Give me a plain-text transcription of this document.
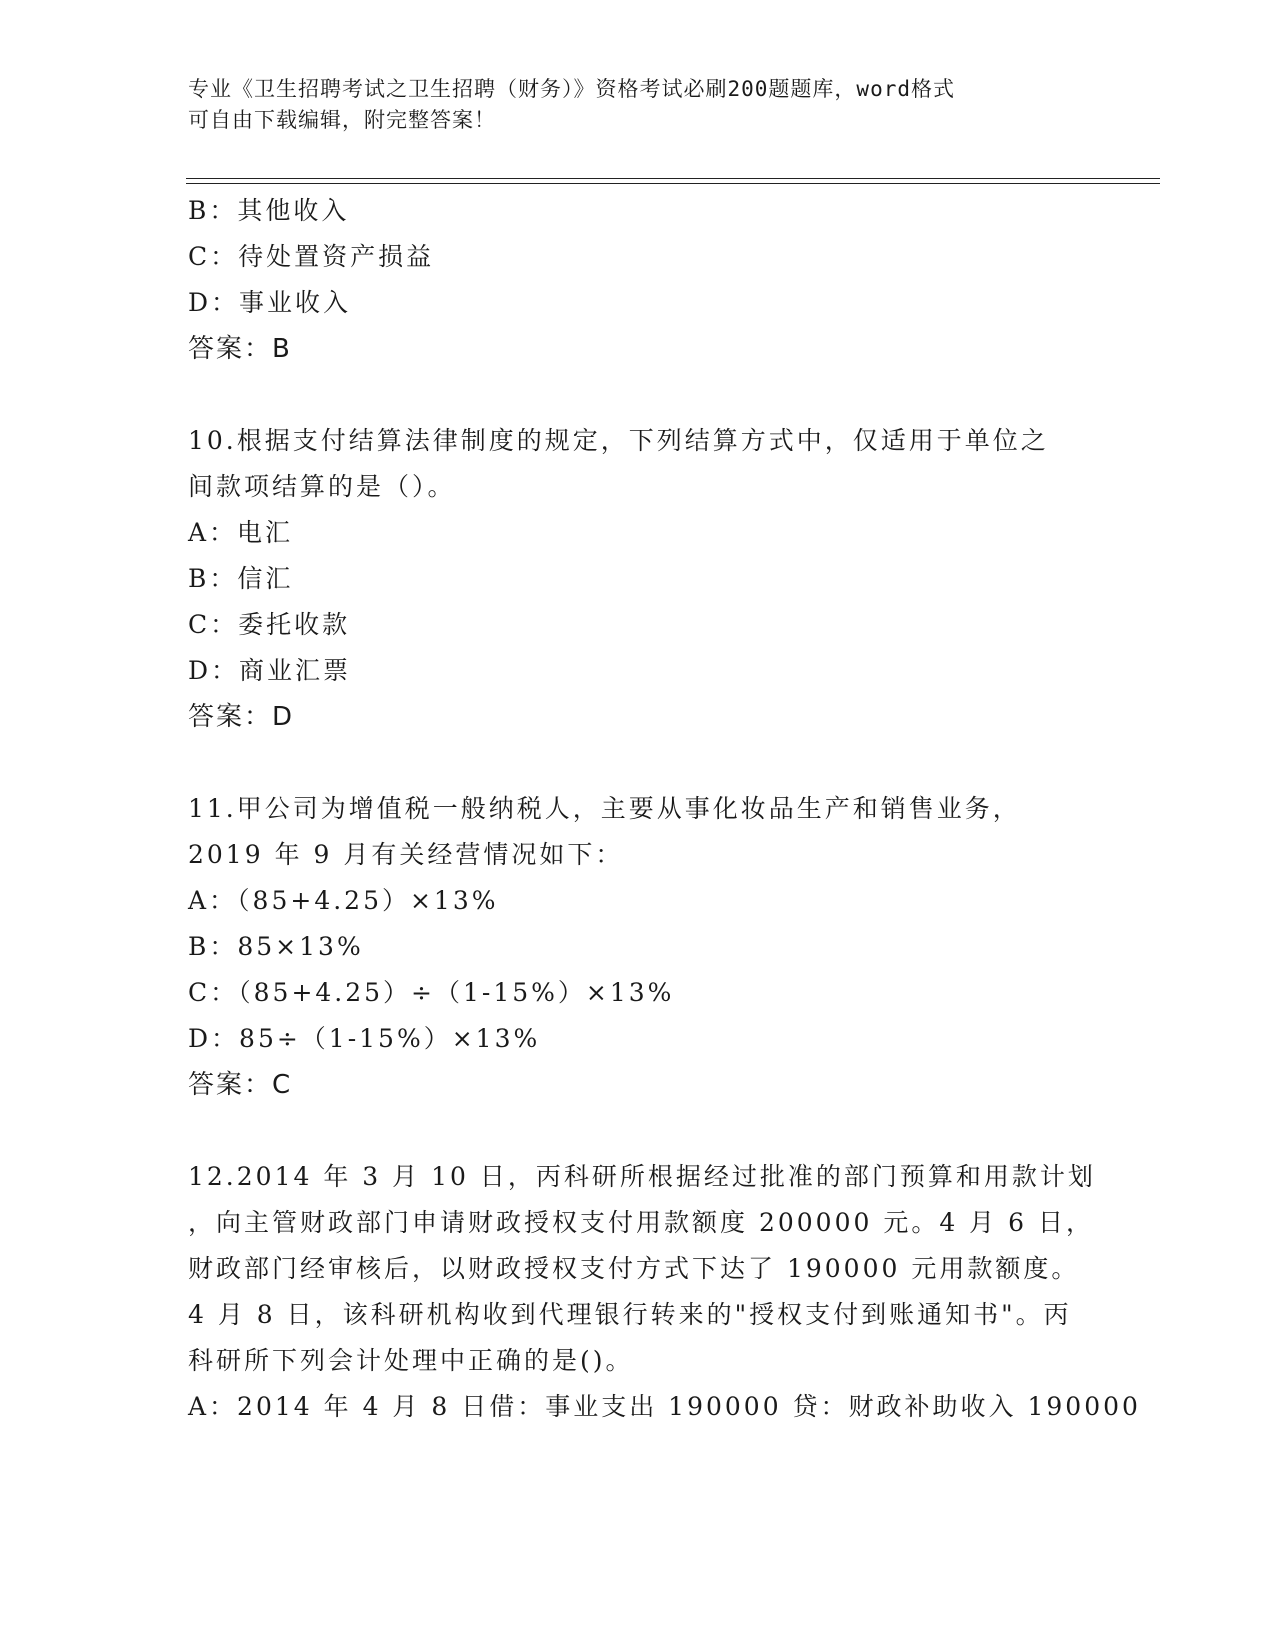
专业《卫生招聘考试之卫生招聘（财务）》资格考试必刷200题题库，word格式
可自由下载编辑，附完整答案！
B：其他收入
C：待处置资产损益
D：事业收入
答案：B
10.根据支付结算法律制度的规定，下列结算方式中，仅适用于单位之
间款项结算的是（）。
A：电汇
B：信汇
C：委托收款
D：商业汇票
答案：D
11.甲公司为增值税一般纳税人，主要从事化妆品生产和销售业务，
2019 年 9 月有关经营情况如下：
A：（85+4.25）×13%
B：85×13%
C：（85+4.25）÷（1-15%）×13%
D：85÷（1-15%）×13%
答案：C
12.2014 年 3 月 10 日，丙科研所根据经过批准的部门预算和用款计划
，向主管财政部门申请财政授权支付用款额度 200000 元。4 月 6 日，
财政部门经审核后，以财政授权支付方式下达了 190000 元用款额度。
4 月 8 日，该科研机构收到代理银行转来的"授权支付到账通知书"。丙
科研所下列会计处理中正确的是()。
A：2014 年 4 月 8 日借：事业支出 190000 贷：财政补助收入 190000
